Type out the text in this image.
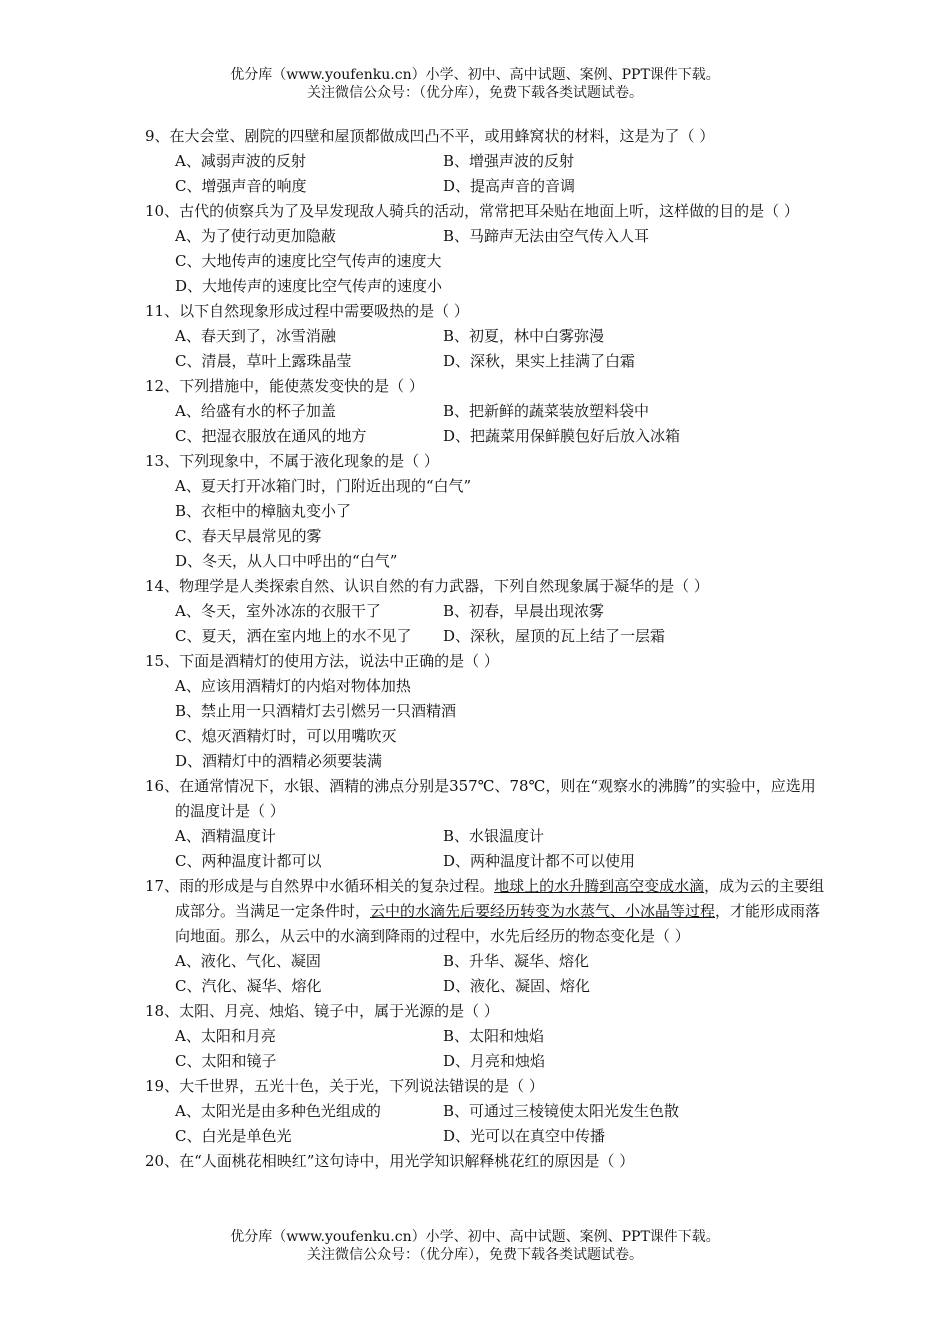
优分库（www.youfenku.cn）小学、初中、高中试题、案例、PPT课件下载。
关注微信公众号：（优分库），免费下载各类试题试卷。
9、在大会堂、剧院的四壁和屋顶都做成凹凸不平，或用蜂窝状的材料，这是为了（ ）
A、减弱声波的反射	B、增强声波的反射
C、增强声音的响度	D、提高声音的音调
10、古代的侦察兵为了及早发现敌人骑兵的活动，常常把耳朵贴在地面上听，这样做的目的是（ ）
A、为了使行动更加隐蔽	B、马蹄声无法由空气传入人耳
C、大地传声的速度比空气传声的速度大
D、大地传声的速度比空气传声的速度小
11、以下自然现象形成过程中需要吸热的是（ ）
A、春天到了，冰雪消融	B、初夏，林中白雾弥漫
C、清晨，草叶上露珠晶莹	D、深秋，果实上挂满了白霜
12、下列措施中，能使蒸发变快的是（ ）
A、给盛有水的杯子加盖	B、把新鲜的蔬菜装放塑料袋中
C、把湿衣服放在通风的地方	D、把蔬菜用保鲜膜包好后放入冰箱
13、下列现象中，不属于液化现象的是（ ）
A、夏天打开冰箱门时，门附近出现的“白气”
B、衣柜中的樟脑丸变小了
C、春天早晨常见的雾
D、冬天，从人口中呼出的“白气”
14、物理学是人类探索自然、认识自然的有力武器，下列自然现象属于凝华的是（ ）
A、冬天，室外冰冻的衣服干了	B、初春，早晨出现浓雾
C、夏天，洒在室内地上的水不见了	D、深秋，屋顶的瓦上结了一层霜
15、下面是酒精灯的使用方法，说法中正确的是（ ）
A、应该用酒精灯的内焰对物体加热
B、禁止用一只酒精灯去引燃另一只酒精酒
C、熄灭酒精灯时，可以用嘴吹灭
D、酒精灯中的酒精必须要装满
16、在通常情况下，水银、酒精的沸点分别是357℃、78℃，则在“观察水的沸腾”的实验中，应选用的温度计是（ ）
A、酒精温度计	B、水银温度计
C、两种温度计都可以	D、两种温度计都不可以使用
17、雨的形成是与自然界中水循环相关的复杂过程。地球上的水升腾到高空变成水滴，成为云的主要组成部分。当满足一定条件时，云中的水滴先后要经历转变为水蒸气、小冰晶等过程，才能形成雨落向地面。那么，从云中的水滴到降雨的过程中，水先后经历的物态变化是（ ）
A、液化、气化、凝固	B、升华、凝华、熔化
C、汽化、凝华、熔化	D、液化、凝固、熔化
18、太阳、月亮、烛焰、镜子中，属于光源的是（ ）
A、太阳和月亮	B、太阳和烛焰
C、太阳和镜子	D、月亮和烛焰
19、大千世界，五光十色，关于光，下列说法错误的是（ ）
A、太阳光是由多种色光组成的	B、可通过三棱镜使太阳光发生色散
C、白光是单色光	D、光可以在真空中传播
20、在“人面桃花相映红”这句诗中，用光学知识解释桃花红的原因是（ ）
优分库（www.youfenku.cn）小学、初中、高中试题、案例、PPT课件下载。
关注微信公众号：（优分库），免费下载各类试题试卷。
